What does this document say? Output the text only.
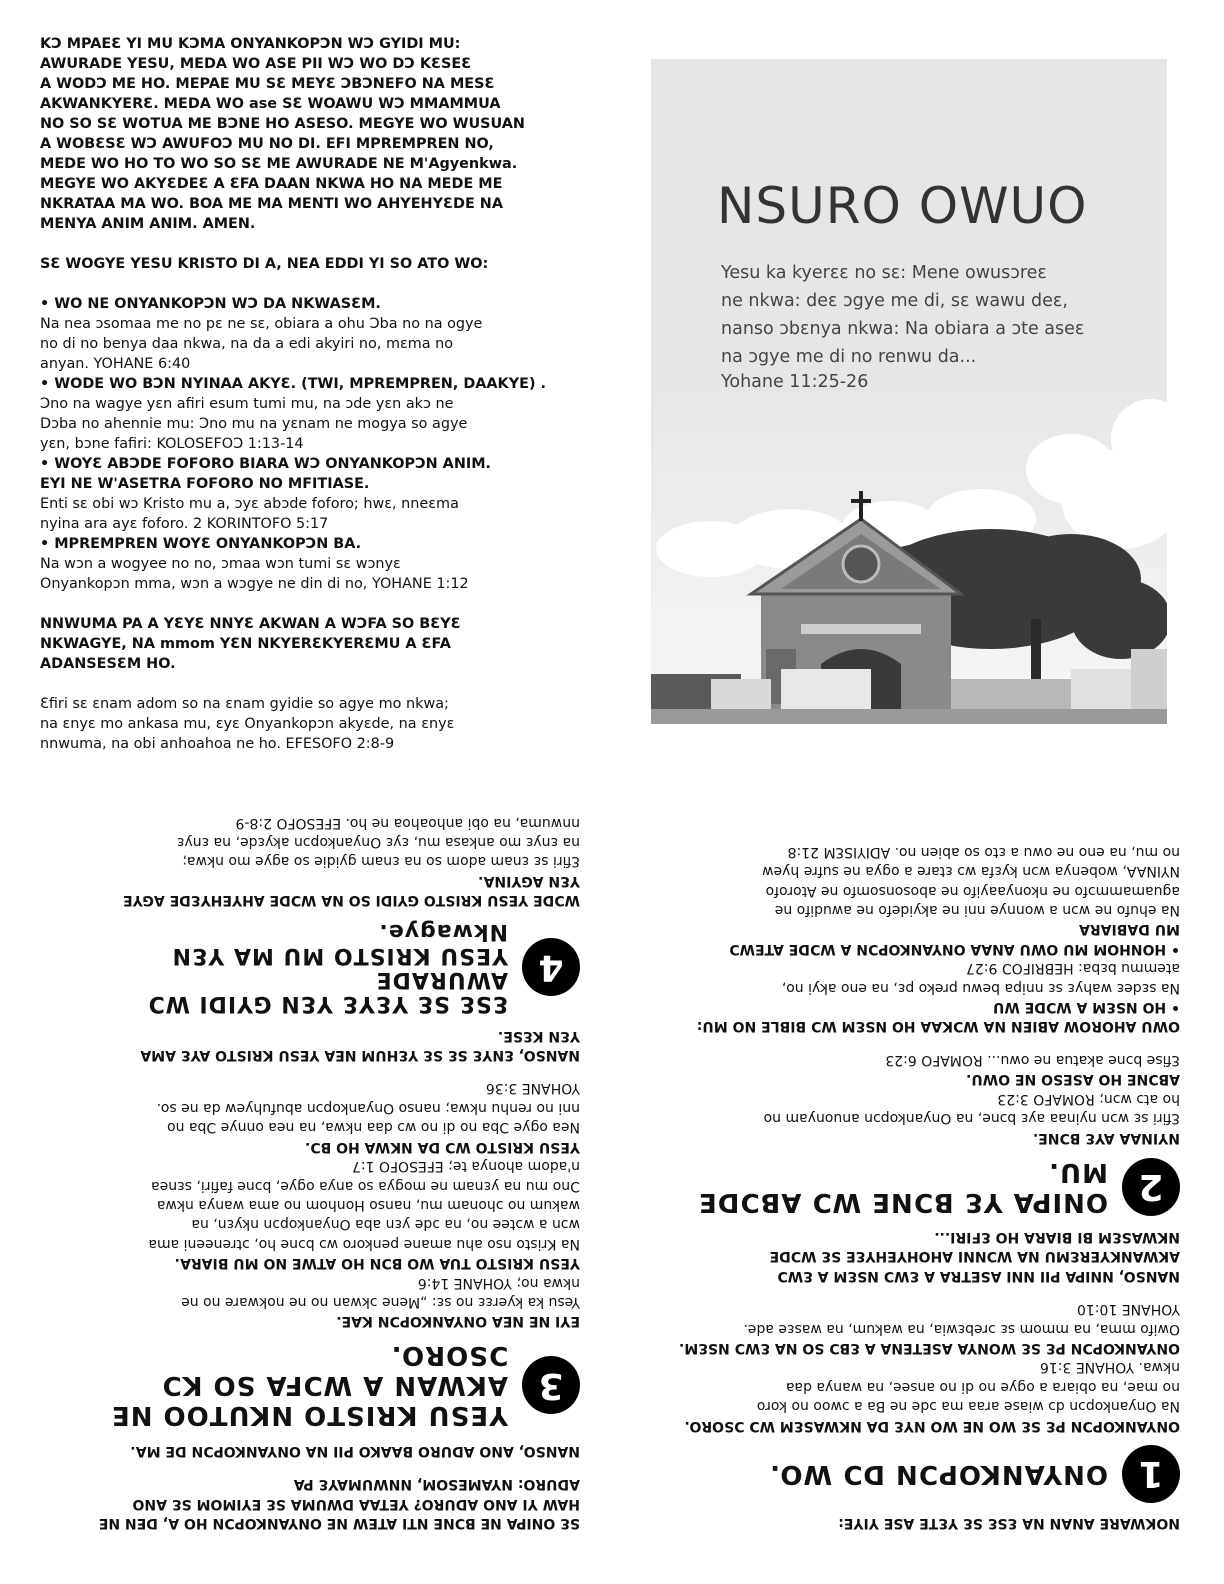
KƆ MPAEƐ YI MU KƆMA ONYANKOPƆN WƆ GYIDI MU:
AWURADE YESU, MEDA WO ASE PII WƆ WO DƆ KƐSEƐ
A WODƆ ME HO. MEPAE MU SƐ MEYƐ ƆBƆNEFO NA MESƐ
AKWANKYERƐ. MEDA WO ase SƐ WOAWU WƆ MMAMMUA
NO SO SƐ WOTUA ME BƆNE HO ASESO. MEGYE WO WUSUAN
A WOBƐSƐ WƆ AWUFOƆ MU NO DI. EFI MPREMPREN NO,
MEDE WO HO TO WO SO SƐ ME AWURADE NE M'Agyenkwa.
MEGYE WO AKYƐDEƐ A ƐFA DAAN NKWA HO NA MEDE ME
NKRATAA MA WO. BOA ME MA MENTI WO AHYEHYƐDE NA
MENYA ANIM ANIM. AMEN.

SƐ WOGYE YESU KRISTO DI A, NEA EDDI YI SO ATO WO:

• WO NE ONYANKOPƆN WƆ DA NKWASƐM.
Na nea ɔsomaa me no pɛ ne sɛ, obiara a ohu Ɔba no na ogye
no di no benya daa nkwa, na da a edi akyiri no, mɛma no
anyan. YOHANE 6:40
• WODE WO BƆN NYINAA AKYƐ. (TWI, MPREMPREN, DAAKYE) .
Ɔno na wagye yɛn afiri esum tumi mu, na ɔde yɛn akɔ ne
Dɔba no ahennie mu: Ɔno mu na yɛnam ne mogya so agye
yɛn, bɔne fafiri: KOLOSEFOƆ 1:13-14
• WOYƐ ABƆDE FOFORO BIARA WƆ ONYANKOPƆN ANIM.
EYI NE W'ASETRA FOFORO NO MFITIASE.
Enti sɛ obi wɔ Kristo mu a, ɔyɛ abɔde foforo; hwɛ, nneɛma
nyina ara ayɛ foforo. 2 KORINTOFO 5:17
• MPREMPREN WOYƐ ONYANKOPƆN BA.

Na wɔn a wogyee no no, ɔmaa wɔn tumi sɛ wɔnyɛ
Onyankopɔn mma, wɔn a wɔgye ne din di no, YOHANE 1:12

NNWUMA PA A YƐYƐ NNYƐ AKWAN A WƆFA SO BƐYƐ
NKWAGYE, NA mmom YƐN NKYERƐKYERƐMU A ƐFA
ADANSESƐM HO.

Ɛfiri sɛ ɛnam adom so na ɛnam gyidie so agye mo nkwa;
na ɛnyɛ mo ankasa mu, ɛyɛ Onyankopɔn akyɛde, na ɛnyɛ
nnwuma, na obi anhoahoa ne ho. EFESOFO 2:8-9

NSURO OWUO
Yesu ka kyerɛɛ no sɛ: Mene owusɔreɛ
ne nkwa: deɛ ɔgye me di, sɛ wawu deɛ,
nanso ɔbɛnya nkwa: Na obiara a ɔte aseɛ
na ɔgye me di no renwu da...
Yohane 11:25-26

SƐ ONIPA NE BƆNE NTI ATEW NE ONYANKOPƆN HO A, DEN NE
HAW YI ANO ADURO? YETAA DWUMA SƐ EYIMOM SƐ ANO
ADURO: NYAMESOM, NNWUMAYƐ PA

NANSO, ANO ADURO BAAKO PII NA ONYANKOPƆN DE MA.

3
YESU KRISTO NKUTOO NE
AKWAN A WƆFA SO KƆ ƆSORO.

EYI NE NEA ONYANKOPƆN KAE.

Yesu ka kyerɛɛ no sɛ: „Mene ɔkwan no ne nokware no ne
nkwa no; YOHANE 14:6

YESU KRISTO TUA WO BƆN HO ATWE NO MU BIARA.

Na Kristo nso ahu amane penkoro wɔ bɔne ho, ɔtreneeni ama
wɔn a wɔtee no, na ɔde yɛn aba Onyankopɔn nkyɛn, na
wakum no ɔhonam mu, nanso Honhom no ama wanya nkwa
Ɔno mu na yɛnam ne mogya so anya ogye, bɔne fafiri, sɛnea
n'adom ahonya te; EFESOFO 1:7

YESU KRISTO WƆ DA NKWA HO BƆ.

Nea ogye Ɔba no di no wɔ daa nkwa, na nea onnye Ɔba no
nni no renhu nkwa; nanso Onyankopɔn abufuhyew da ne so.
YOHANE 3:36

NANSO, ƐNYƐ SƐ SƐ YƐHUM NEA YESU KRISTO AYƐ AMA
YƐN KƐSE.

4
ƐSƐ SƐ YƐYƐ YƐN GYIDI WƆ AWURADE
YESU KRISTO MU MA YƐN Nkwagye.

WƆDE YESU KRISTO GYIDI SO NA WƆDE AHYEHYƐDE AGYE
YƐN AGYINA.

Ɛfiri sɛ ɛnam adom so na ɛnam gyidie so agye mo nkwa;
na ɛnyɛ mo ankasa mu, ɛyɛ Onyankopɔn akyɛde, na ɛnyɛ
nnwuma, na obi anhoahoa ne ho. EFESOFO 2:8-9

NOKWARE ANAN NA ƐSƐ SƐ YƐTE ASE YIYE:

1
ONYANKOPƆN DƆ WO.

ONYANKOPƆN PƐ SƐ WO NE WO NYƐ DA NKWASƐM WƆ ƆSORO.

Na Onyankopɔn dɔ wiase araa ma ɔde ne Ba a ɔwoo no koro
no mae, na obiara a ogye no di no ansee, na wanya daa
nkwa. YOHANE 3:16

ONYANKOPƆN PƐ SƐ WONYA ASETENA A ƐBƆ SO NA ƐWƆ NSƐM.

Owifo mma, na mmom sɛ ɔrebɛwia, na wakum, na wasɛe ade.
YOHANE 10:10

NANSO, NNIPA PII NNI ASETRA A ƐWƆ NSƐM A ƐWƆ
AKWANKYERƐMU NA WƆNNI AHOHYEHYƐE SƐ WƆDE
NKWASƐM BI BIARA HO ƐFIRI...

2
ONIPA YƐ BƆNE WƆ ABƆDE MU.

NYINAA AYƐ BƆNE.

Ɛfiri sɛ wɔn nyinaa ayɛ bɔne, na Onyankopɔn anuonyam no
ho atɔ wɔn; ROMAFO 3:23

ABƆNE HO ASESO NE OWU.

Ɛfise bɔne akatua ne owu... ROMAFO 6:23

OWU AHOROW ABIEN NA WƆKAA HO NSƐM WƆ BIBLE NO MU:

• HO NSƐM A WƆDE WU

Na sɛdeɛ wahyɛ sɛ nnipa bewu preko pɛ, na eno akyi no,
atemmu bɛba: HEBRIFOƆ 9:27

• HONHOM MU OWU ANAA ONYANKOPƆN A WƆDE ATEWƆ
MU DABIARA

Na ehufo ne wɔn a wonnye nni ne akyidefo ne awudifo ne
aguamammɔfo ne nkonyaayifo ne abosonsomfo ne Atorofo
NYINAA, wobenya wɔn kyɛfa wɔ ɛtare a ogya ne sufre hyew
no mu, na eno ne owu a ɛto so abien no. ADIYISƐM 21:8
